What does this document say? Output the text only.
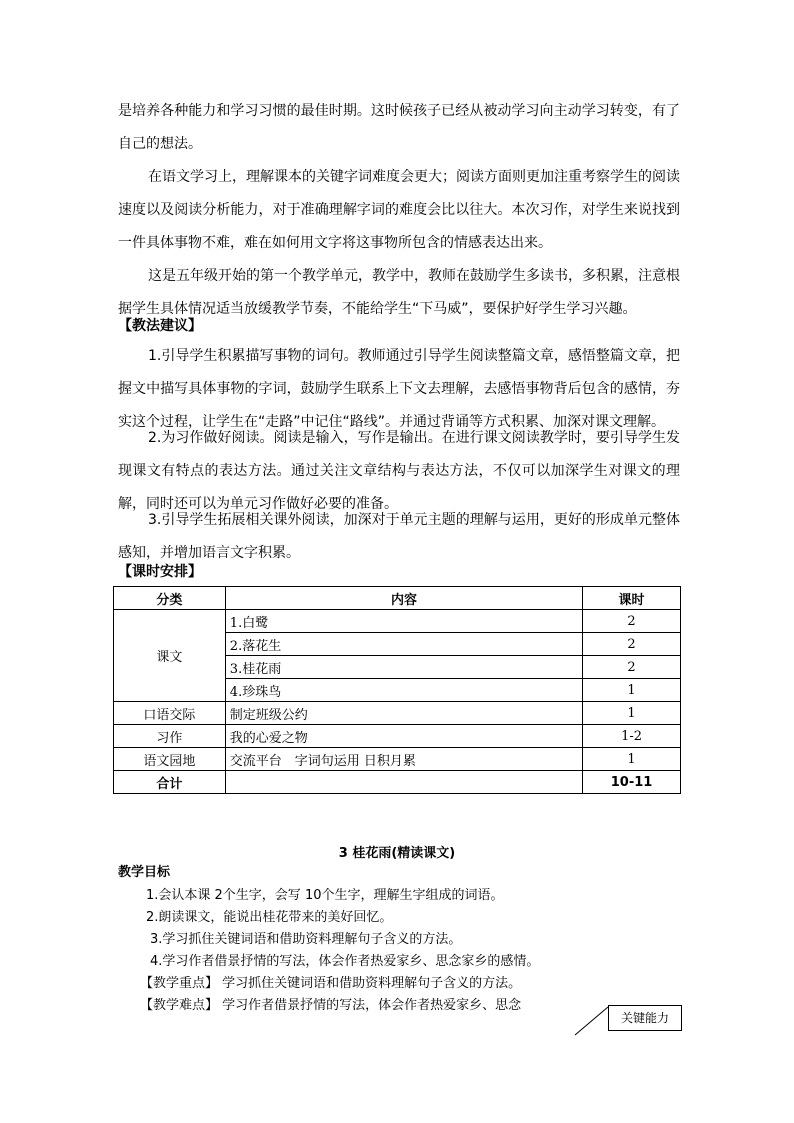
是培养各种能力和学习习惯的最佳时期。这时候孩子已经从被动学习向主动学习转变，有了自己的想法。

在语文学习上，理解课本的关键字词难度会更大；阅读方面则更加注重考察学生的阅读速度以及阅读分析能力，对于准确理解字词的难度会比以往大。本次习作，对学生来说找到一件具体事物不难，难在如何用文字将这事物所包含的情感表达出来。

这是五年级开始的第一个教学单元，教学中，教师在鼓励学生多读书，多积累，注意根据学生具体情况适当放缓教学节奏，不能给学生“下马威”，要保护好学生学习兴趣。

【教法建议】

1.引导学生积累描写事物的词句。教师通过引导学生阅读整篇文章，感悟整篇文章，把握文中描写具体事物的字词，鼓励学生联系上下文去理解，去感悟事物背后包含的感情，夯实这个过程，让学生在“走路”中记住“路线”。并通过背诵等方式积累、加深对课文理解。

2.为习作做好阅读。阅读是输入，写作是输出。在进行课文阅读教学时，要引导学生发现课文有特点的表达方法。通过关注文章结构与表达方法，不仅可以加深学生对课文的理解，同时还可以为单元习作做好必要的准备。

3.引导学生拓展相关课外阅读，加深对于单元主题的理解与运用，更好的形成单元整体感知，并增加语言文字积累。

【课时安排】

分类	内容	课时
课文	1.白鹭	2
	2.落花生	2
	3.桂花雨	2
	4.珍珠鸟	1
口语交际	制定班级公约	1
习作	我的心爱之物	1-2
语文园地	交流平台　字词句运用 日积月累	1
合计		10-11

3 桂花雨(精读课文)

教学目标

1.会认本课 2个生字，会写 10个生字，理解生字组成的词语。

2.朗读课文，能说出桂花带来的美好回忆。

3.学习抓住关键词语和借助资料理解句子含义的方法。

4.学习作者借景抒情的写法，体会作者热爱家乡、思念家乡的感情。

【教学重点】 学习抓住关键词语和借助资料理解句子含义的方法。

【教学难点】 学习作者借景抒情的写法，体会作者热爱家乡、思念

关键能力
